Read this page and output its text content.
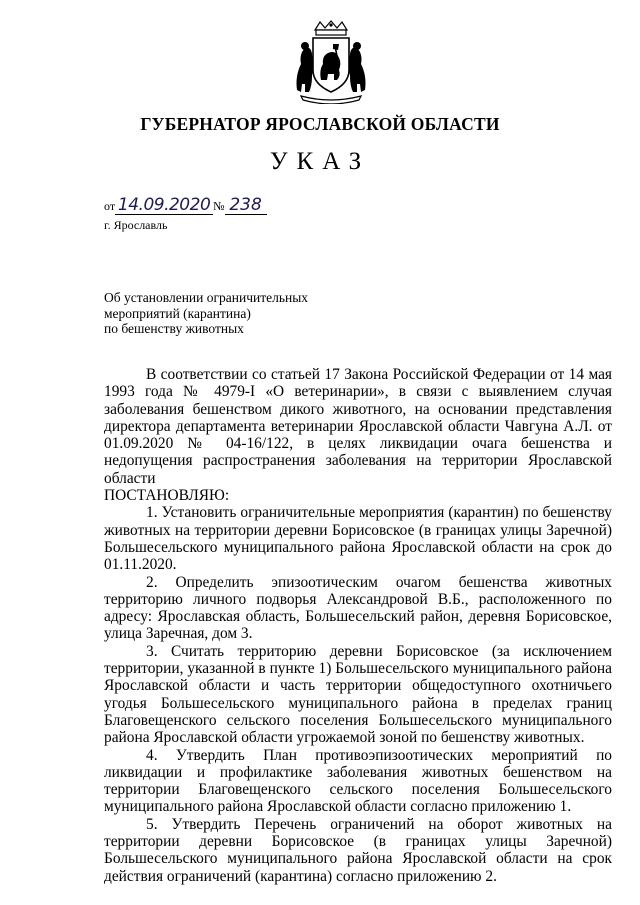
ГУБЕРНАТОР ЯРОСЛАВСКОЙ ОБЛАСТИ
УКАЗ
от 14.09.2020 № 238
г. Ярославль
Об установлении ограничительных
мероприятий (карантина)
по бешенству животных
В соответствии со статьей 17 Закона Российской Федерации от 14 мая 1993 года № 4979-I «О ветеринарии», в связи с выявлением случая заболевания бешенством дикого животного, на основании представления директора департамента ветеринарии Ярославской области Чавгуна А.Л. от 01.09.2020 № 04-16/122, в целях ликвидации очага бешенства и недопущения распространения заболевания на территории Ярославской области
ПОСТАНОВЛЯЮ:
1. Установить ограничительные мероприятия (карантин) по бешенству животных на территории деревни Борисовское (в границах улицы Заречной) Большесельского муниципального района Ярославской области на срок до 01.11.2020.
2. Определить эпизоотическим очагом бешенства животных территорию личного подворья Александровой В.Б., расположенного по адресу: Ярославская область, Большесельский район, деревня Борисовское, улица Заречная, дом 3.
3. Считать территорию деревни Борисовское (за исключением территории, указанной в пункте 1) Большесельского муниципального района Ярославской области и часть территории общедоступного охотничьего угодья Большесельского муниципального района в пределах границ Благовещенского сельского поселения Большесельского муниципального района Ярославской области угрожаемой зоной по бешенству животных.
4. Утвердить План противоэпизоотических мероприятий по ликвидации и профилактике заболевания животных бешенством на территории Благовещенского сельского поселения Большесельского муниципального района Ярославской области согласно приложению 1.
5. Утвердить Перечень ограничений на оборот животных на территории деревни Борисовское (в границах улицы Заречной) Большесельского муниципального района Ярославской области на срок действия ограничений (карантина) согласно приложению 2.
